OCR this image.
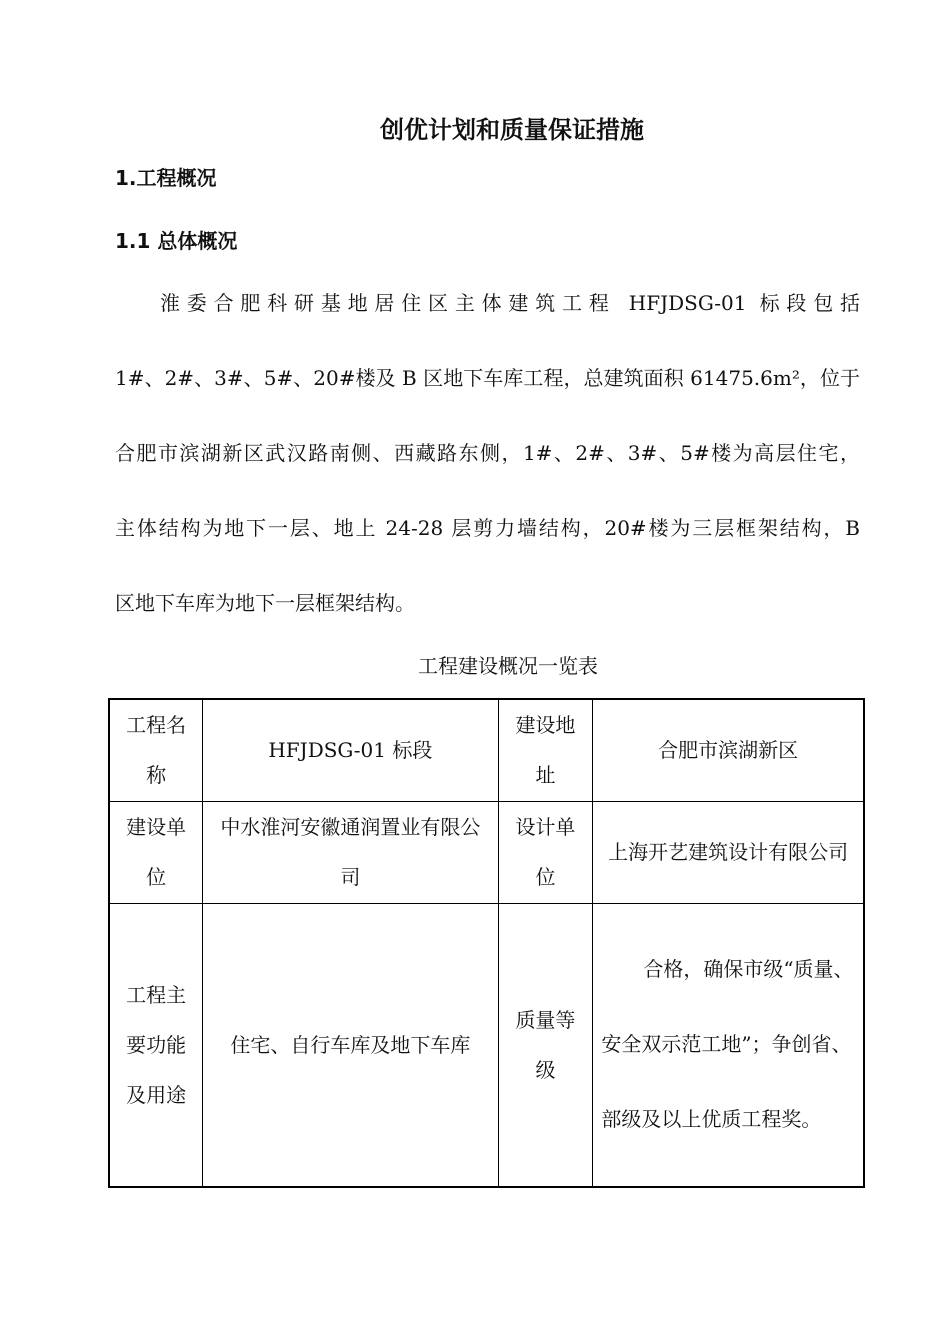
创优计划和质量保证措施
1.工程概况
1.1 总体概况
淮委合肥科研基地居住区主体建筑工程 HFJDSG-01 标段包括
1#、2#、3#、5#、20#楼及 B 区地下车库工程，总建筑面积 61475.6m²，位于
合肥市滨湖新区武汉路南侧、西藏路东侧，1#、2#、3#、5#楼为高层住宅，
主体结构为地下一层、地上 24-28 层剪力墙结构，20#楼为三层框架结构，B
区地下车库为地下一层框架结构。
工程建设概况一览表
工程名称	HFJDSG-01 标段	建设地址	合肥市滨湖新区
建设单位	中水淮河安徽通润置业有限公司	设计单位	上海开艺建筑设计有限公司
工程主要功能及用途	住宅、自行车库及地下车库	质量等级	合格，确保市级“质量、安全双示范工地”；争创省、部级及以上优质工程奖。
